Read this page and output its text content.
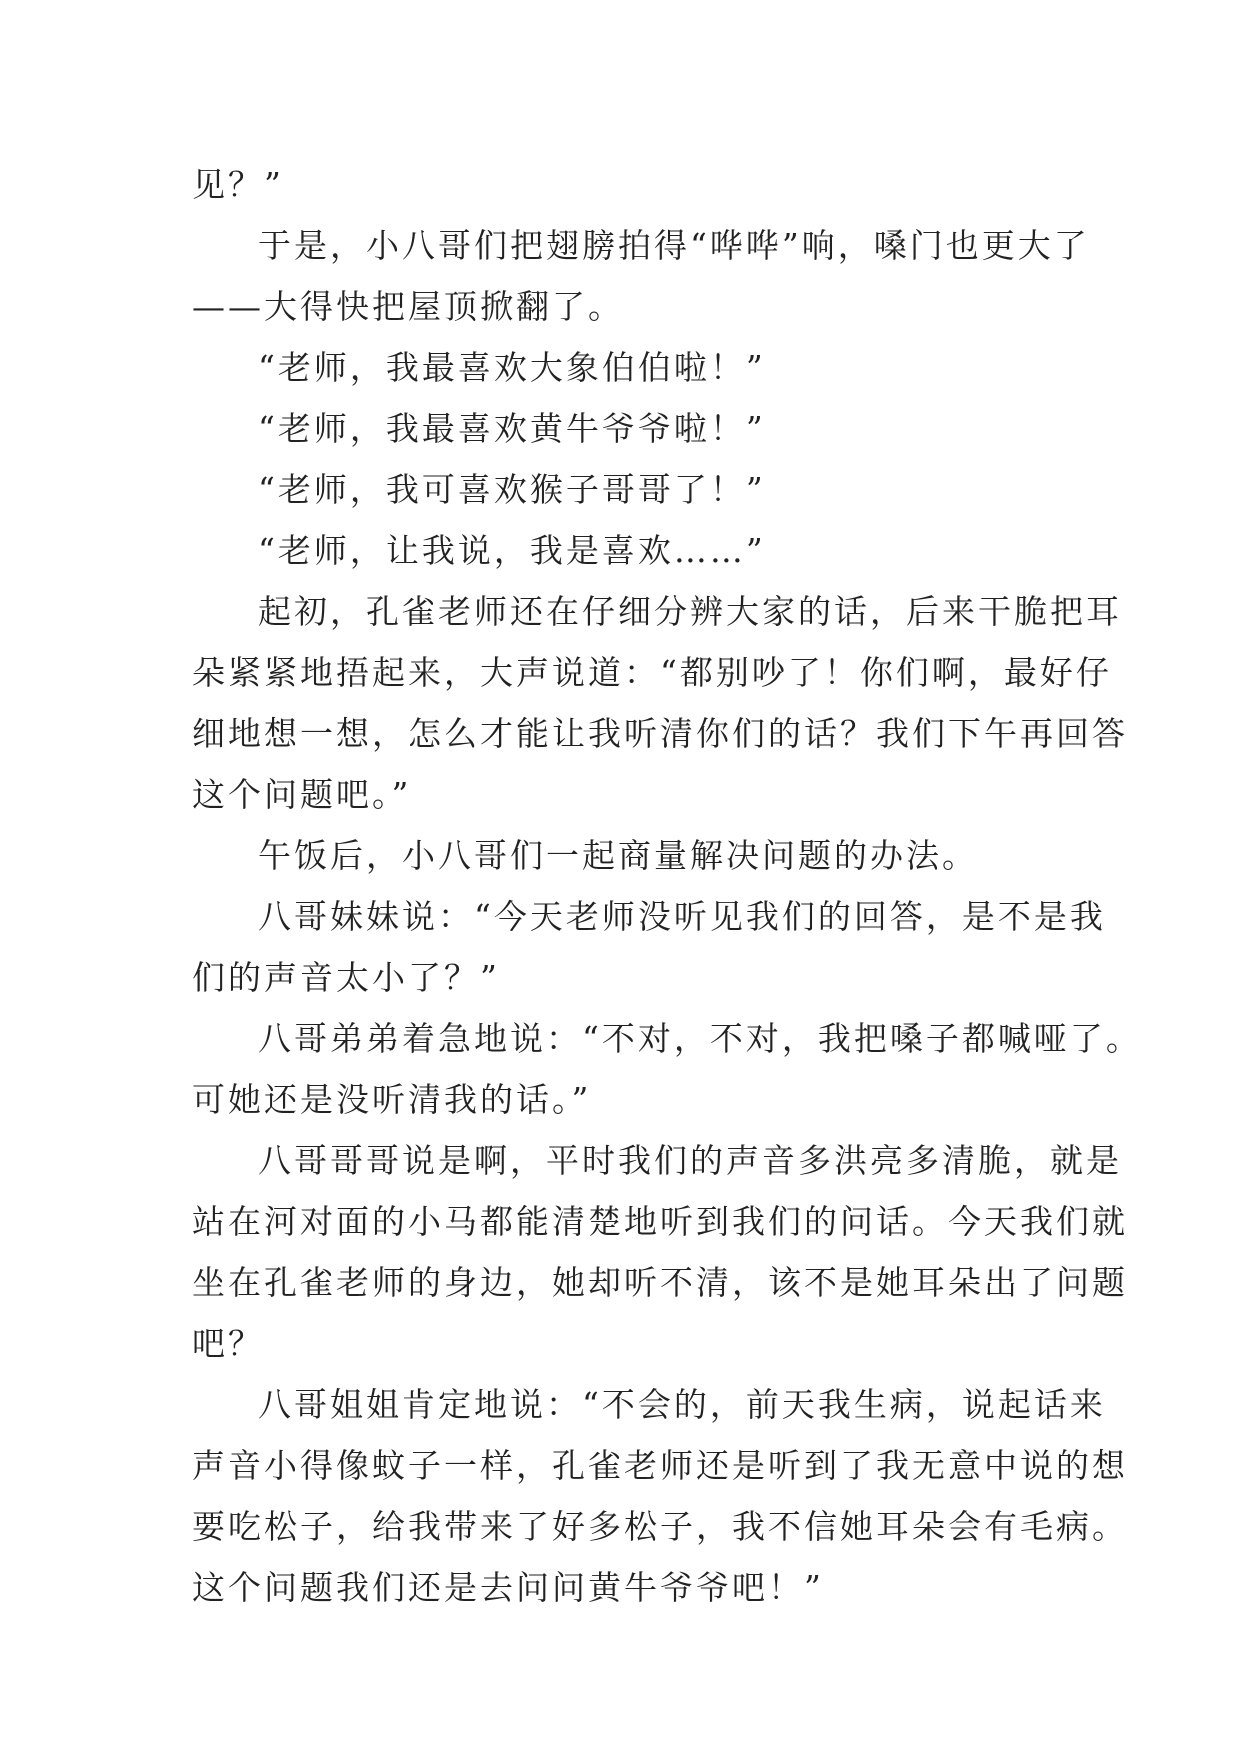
见？”
于是，小八哥们把翅膀拍得“哗哗”响，嗓门也更大了
——大得快把屋顶掀翻了。
“老师，我最喜欢大象伯伯啦！”
“老师，我最喜欢黄牛爷爷啦！”
“老师，我可喜欢猴子哥哥了！”
“老师，让我说，我是喜欢……”
起初，孔雀老师还在仔细分辨大家的话，后来干脆把耳
朵紧紧地捂起来，大声说道：“都别吵了！你们啊，最好仔
细地想一想，怎么才能让我听清你们的话？我们下午再回答
这个问题吧。”
午饭后，小八哥们一起商量解决问题的办法。
八哥妹妹说：“今天老师没听见我们的回答，是不是我
们的声音太小了？”
八哥弟弟着急地说：“不对，不对，我把嗓子都喊哑了。
可她还是没听清我的话。”
八哥哥哥说是啊，平时我们的声音多洪亮多清脆，就是
站在河对面的小马都能清楚地听到我们的问话。今天我们就
坐在孔雀老师的身边，她却听不清，该不是她耳朵出了问题
吧？
八哥姐姐肯定地说：“不会的，前天我生病，说起话来
声音小得像蚊子一样，孔雀老师还是听到了我无意中说的想
要吃松子，给我带来了好多松子，我不信她耳朵会有毛病。
这个问题我们还是去问问黄牛爷爷吧！”
